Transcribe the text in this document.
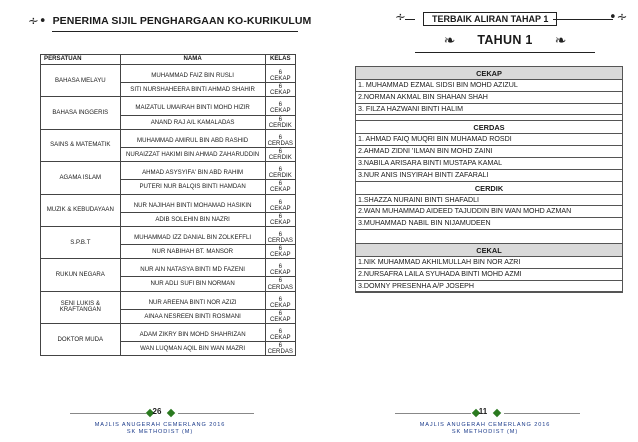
∻• PENERIMA SIJIL PENGHARGAAN KO-KURIKULUM
PERSATUAN	NAMA	KELAS
BAHASA MELAYU	MUHAMMAD FAIZ BIN RUSLI	6 CEKAP
	SITI NURSHAHEERA BINTI AHMAD SHAHIR	6 CEKAP
BAHASA INGGERIS	MAIZATUL UMAIRAH BINTI MOHD HIZIR	6 CEKAP
	ANAND RAJ A/L KAMALADAS	6 CERDIK
SAINS & MATEMATIK	MUHAMMAD AMIRUL BIN ABD RASHID	6 CERDAS
	NURAIZZAT HAKIMI BIN AHMAD ZAHARUDDIN	6 CERDIK
AGAMA ISLAM	AHMAD ASYSYIFA' BIN ABD RAHIM	6 CERDIK
	PUTERI NUR BALQIS BINTI HAMDAN	6 CEKAP
MUZIK & KEBUDAYAAN	NUR NAJIHAH BINTI MOHAMAD HASIKIN	6 CEKAP
	ADIB SOLEHIN BIN NAZRI	6 CEKAP
S.P.B.T	MUHAMMAD IZZ DANIAL BIN ZOLKEFFLI	6 CERDAS
	NUR NABIHAH BT. MANSOR	6 CEKAP
RUKUN NEGARA	NUR AIN NATASYA BINTI MD FAZENI	6 CEKAP
	NUR ADLI SUFI BIN NORMAN	6 CERDAS
SENI LUKIS & KRAFTANGAN	NUR AREENA BINTI NOR AZIZI	6 CEKAP
	AINAA NESREEN BINTI ROSMANI	6 CEKAP
DOKTOR MUDA	ADAM ZIKRY BIN MOHD SHAHRIZAN	6 CEKAP
	WAN LUQMAN AQIL BIN WAN MAZRI	6 CERDAS
26
MAJLIS ANUGERAH CEMERLANG 2016
SK METHODIST (M)
∻	TERBAIK ALIRAN TAHAP 1	•∻
❧ TAHUN 1 ❧
CEKAP
1. MUHAMMAD EZMAL SIDSI BIN MOHD AZIZUL
2.NORMAN AKMAL BIN SHAHAN SHAH
3. FILZA HAZWANI BINTI HALIM
CERDAS
1. AHMAD FAIQ MUQRI BIN MUHAMAD ROSDI
2.AHMAD ZIDNI 'ILMAN BIN MOHD ZAINI
3.NABILA ARISARA BINTI MUSTAPA KAMAL
3.NUR ANIS INSYIRAH BINTI ZAFARALI
CERDIK
1.SHAZZA NURAINI BINTI SHAFADLI
2.WAN MUHAMMAD AIDEED TAJUDDIN BIN WAN MOHD AZMAN
3.MUHAMMAD NABIL BIN NIJAMUDEEN
CEKAL
1.NIK MUHAMMAD AKHILMULLAH BIN NOR AZRI
2.NURSAFRA LAILA SYUHADA BINTI MOHD AZMI
3.DOMNY PRESENHA A/P JOSEPH
11
MAJLIS ANUGERAH CEMERLANG 2016
SK METHODIST (M)
